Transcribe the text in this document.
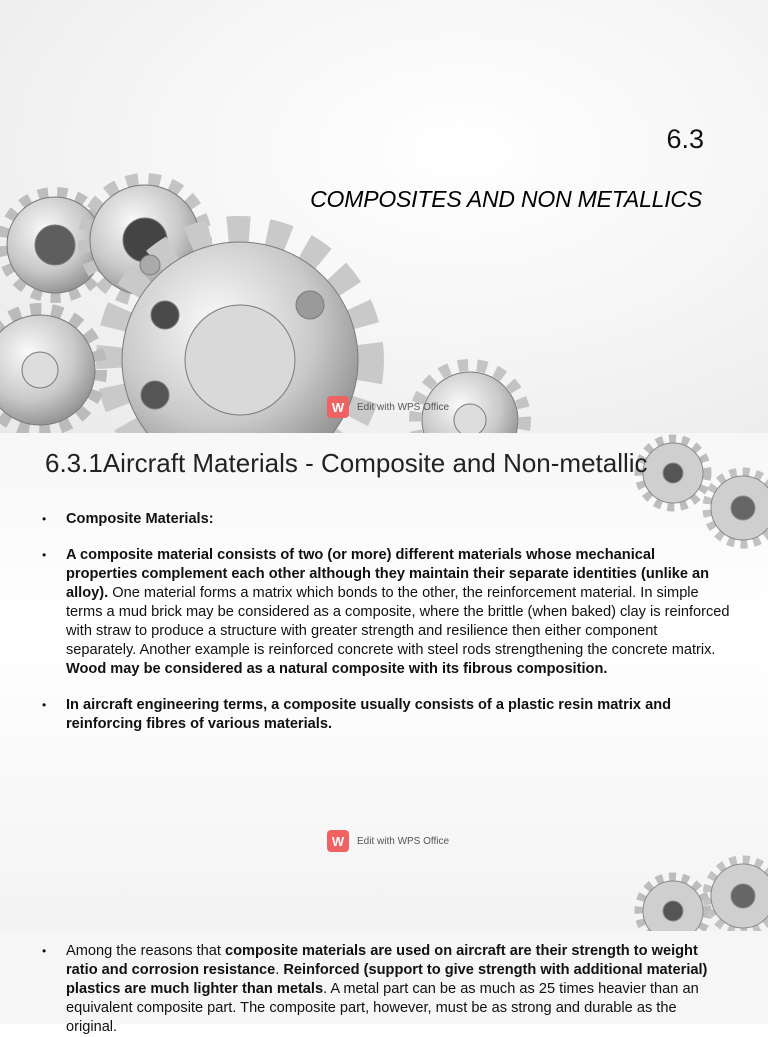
6.3
COMPOSITES AND NON METALLICS
W	Edit with WPS Office
6.3.1Aircraft Materials - Composite and Non-metallic
• Composite Materials:
• A composite material consists of two (or more) different materials whose mechanical properties complement each other although they maintain their separate identities (unlike an alloy). One material forms a matrix which bonds to the other, the reinforcement material. In simple terms a mud brick may be considered as a composite, where the brittle (when baked) clay is reinforced with straw to produce a structure with greater strength and resilience then either component separately. Another example is reinforced concrete with steel rods strengthening the concrete matrix. Wood may be considered as a natural composite with its fibrous composition.
• In aircraft engineering terms, a composite usually consists of a plastic resin matrix and reinforcing fibres of various materials.
W	Edit with WPS Office
• Among the reasons that composite materials are used on aircraft are their strength to weight ratio and corrosion resistance. Reinforced (support to give strength with additional material) plastics are much lighter than metals. A metal part can be as much as 25 times heavier than an equivalent composite part. The composite part, however, must be as strong and durable as the original.
